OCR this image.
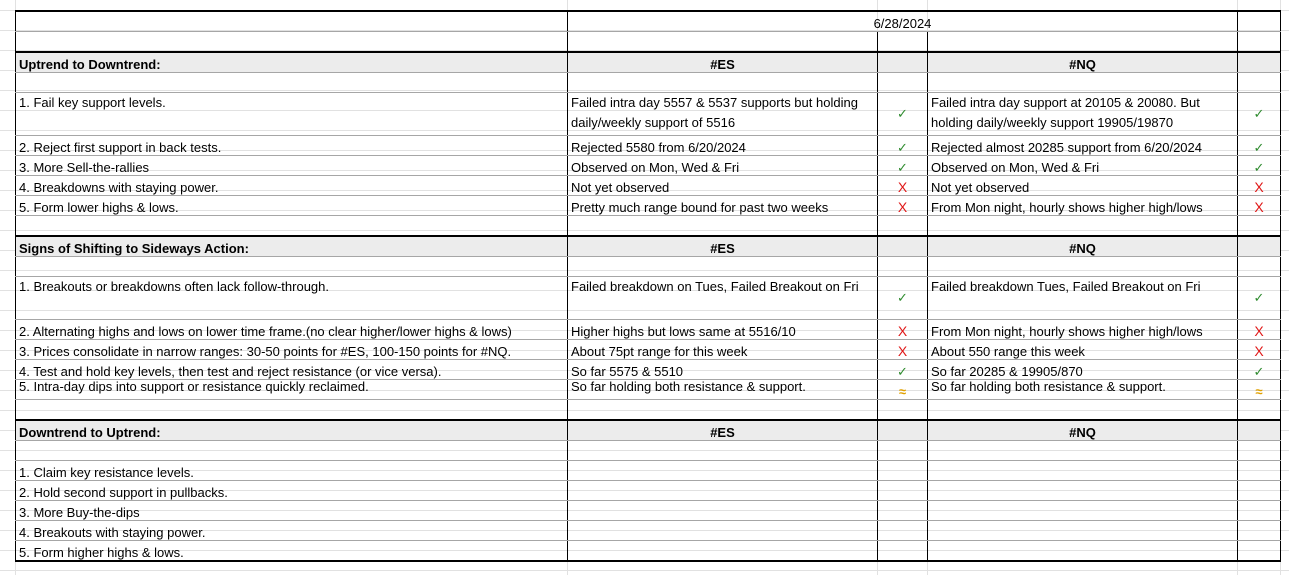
	6/28/2024			

Uptrend to Downtrend:	#ES		#NQ	

1. Fail key support levels.	Failed intra day 5557 & 5537 supports but holding daily/weekly support of 5516	✓	Failed intra day support at 20105 & 20080. But holding daily/weekly support 19905/19870	✓
2. Reject first support in back tests.	Rejected 5580 from 6/20/2024	✓	Rejected almost 20285 support from 6/20/2024	✓
3. More Sell-the-rallies	Observed on Mon, Wed & Fri	✓	Observed on Mon, Wed & Fri	✓
4. Breakdowns with staying power.	Not yet observed	X	Not yet observed	X
5. Form lower highs & lows.	Pretty much range bound for past two weeks	X	From Mon night, hourly shows higher high/lows	X

Signs of Shifting to Sideways Action:	#ES		#NQ	

1. Breakouts or breakdowns often lack follow-through.	Failed breakdown on Tues, Failed Breakout on Fri	✓	Failed breakdown Tues, Failed Breakout on Fri	✓
2. Alternating highs and lows on lower time frame.(no clear higher/lower highs & lows)	Higher highs but lows same at 5516/10	X	From Mon night, hourly shows higher high/lows	X
3. Prices consolidate in narrow ranges: 30-50 points for #ES, 100-150 points for #NQ.	About 75pt range for this week	X	About 550 range this week	X
4. Test and hold key levels, then test and reject resistance (or vice versa).	So far 5575 & 5510	✓	So far 20285 & 19905/870	✓
5. Intra-day dips into support or resistance quickly reclaimed.	So far holding both resistance & support.	≈	So far holding both resistance & support.	≈

Downtrend to Uptrend:	#ES		#NQ	

1. Claim key resistance levels.				
2. Hold second support in pullbacks.				
3. More Buy-the-dips				
4. Breakouts with staying power.				
5. Form higher highs & lows.				
